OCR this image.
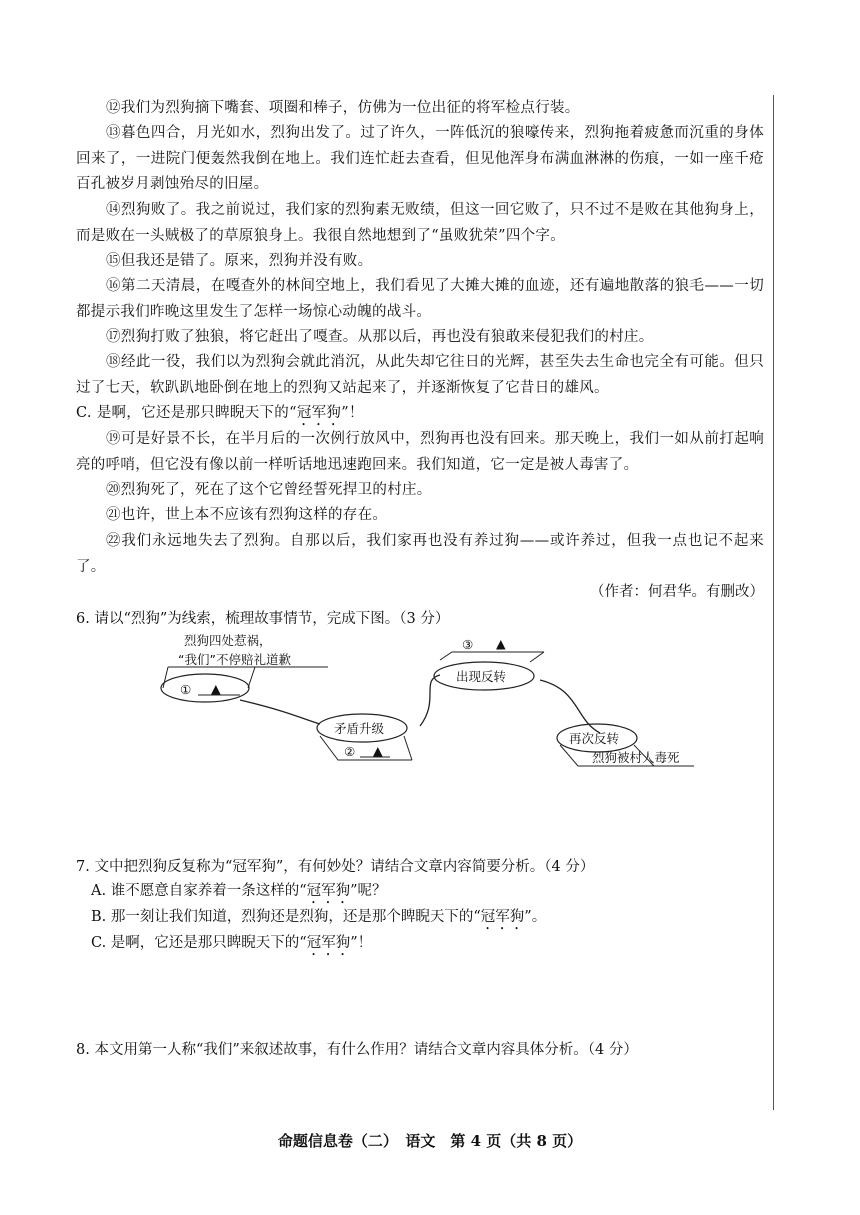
⑫我们为烈狗摘下嘴套、项圈和棒子，仿佛为一位出征的将军检点行装。

⑬暮色四合，月光如水，烈狗出发了。过了许久，一阵低沉的狼嚎传来，烈狗拖着疲惫而沉重的身体回来了，一进院门便轰然我倒在地上。我们连忙赶去查看，但见他浑身布满血淋淋的伤痕，一如一座千疮百孔被岁月剥蚀殆尽的旧屋。

⑭烈狗败了。我之前说过，我们家的烈狗素无败绩，但这一回它败了，只不过不是败在其他狗身上，而是败在一头贼极了的草原狼身上。我很自然地想到了“虽败犹荣”四个字。

⑮但我还是错了。原来，烈狗并没有败。

⑯第二天清晨，在嘎查外的林间空地上，我们看见了大摊大摊的血迹，还有遍地散落的狼毛——一切都提示我们昨晚这里发生了怎样一场惊心动魄的战斗。

⑰烈狗打败了独狼，将它赶出了嘎查。从那以后，再也没有狼敢来侵犯我们的村庄。

⑱经此一役，我们以为烈狗会就此消沉，从此失却它往日的光辉，甚至失去生命也完全有可能。但只过了七天，软趴趴地卧倒在地上的烈狗又站起来了，并逐渐恢复了它昔日的雄风。

C. 是啊，它还是那只睥睨天下的“冠军狗”！

⑲可是好景不长，在半月后的一次例行放风中，烈狗再也没有回来。那天晚上，我们一如从前打起响亮的呼哨，但它没有像以前一样听话地迅速跑回来。我们知道，它一定是被人毒害了。

⑳烈狗死了，死在了这个它曾经誓死捍卫的村庄。

㉑也许，世上本不应该有烈狗这样的存在。

㉒我们永远地失去了烈狗。自那以后，我们家再也没有养过狗——或许养过，但我一点也记不起来了。

（作者：何君华。有删改）

6. 请以“烈狗”为线索，梳理故事情节，完成下图。（3 分）

烈狗四处惹祸，
“我们”不停赔礼道歉
① ▲
矛盾升级
② ▲
出现反转
③ ▲
再次反转
烈狗被村人毒死

7. 文中把烈狗反复称为“冠军狗”，有何妙处？请结合文章内容简要分析。（4 分）

A. 谁不愿意自家养着一条这样的“冠军狗”呢？
B. 那一刻让我们知道，烈狗还是烈狗，还是那个睥睨天下的“冠军狗”。
C. 是啊，它还是那只睥睨天下的“冠军狗”！

8. 本文用第一人称“我们”来叙述故事，有什么作用？请结合文章内容具体分析。（4 分）

命题信息卷（二）　语文　第 4 页（共 8 页）
